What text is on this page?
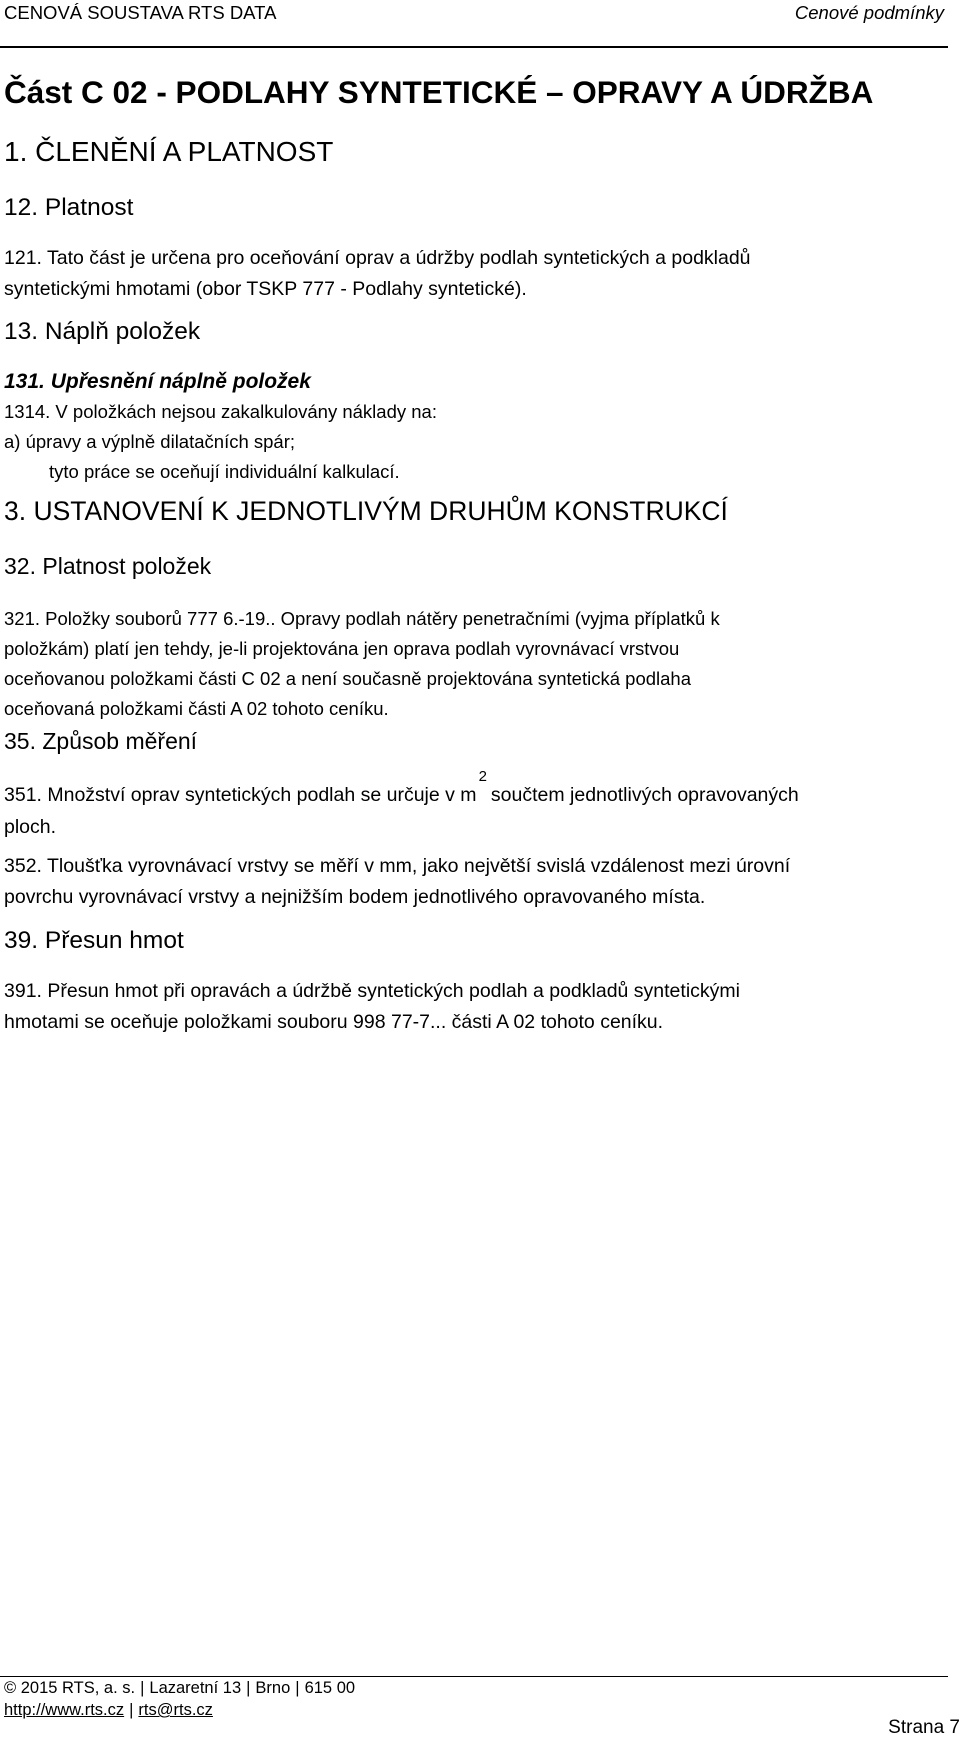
CENOVÁ SOUSTAVA RTS DATA	Cenové podmínky
Část C 02 - PODLAHY SYNTETICKÉ – OPRAVY A ÚDRŽBA
1. ČLENĚNÍ A PLATNOST
12. Platnost
121. Tato část je určena pro oceňování oprav a údržby podlah syntetických a podkladů
syntetickými hmotami (obor TSKP 777 - Podlahy syntetické).
13. Náplň položek
131. Upřesnění náplně položek
1314. V položkách nejsou zakalkulovány náklady na:
a) úpravy a výplně dilatačních spár;
tyto práce se oceňují individuální kalkulací.
3. USTANOVENÍ K JEDNOTLIVÝM DRUHŮM KONSTRUKCÍ
32. Platnost položek
321. Položky souborů 777 6.-19.. Opravy podlah nátěry penetračními (vyjma příplatků k
položkám) platí jen tehdy, je-li projektována jen oprava podlah vyrovnávací vrstvou
oceňovanou položkami části C 02 a není současně projektována syntetická podlaha
oceňovaná položkami části A 02 tohoto ceníku.
35. Způsob měření
351. Množství oprav syntetických podlah se určuje v $m^2součtem$ jednotlivých opravovaných
ploch.
352. Tloušťka vyrovnávací vrstvy se měří v mm, jako největší svislá vzdálenost mezi úrovní
povrchu vyrovnávací vrstvy a nejnižším bodem jednotlivého opravovaného místa.
39. Přesun hmot
391. Přesun hmot při opravách a údržbě syntetických podlah a podkladů syntetickými
hmotami se oceňuje položkami souboru 998 77-7... části A 02 tohoto ceníku.
© 2015 RTS, a. s. | Lazaretní 13 | Brno | 615 00
http://www.rts.cz | rts@rts.cz
Strana 7
